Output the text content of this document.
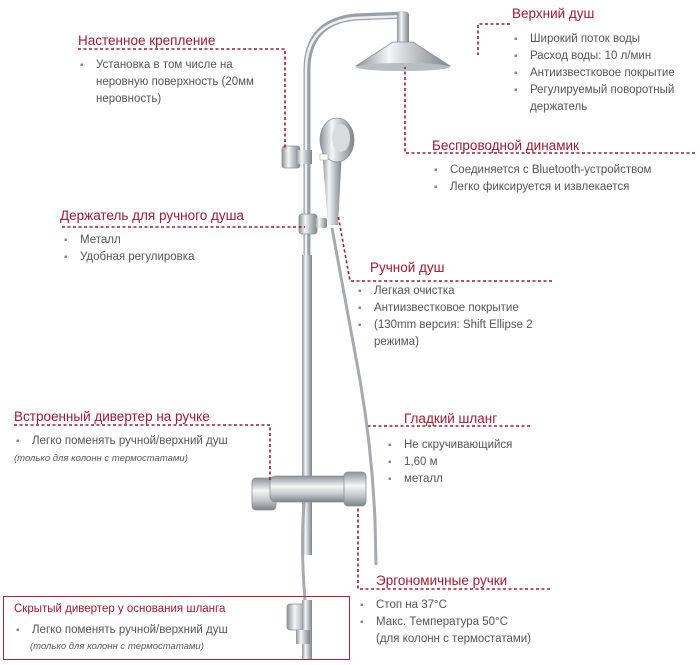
Настенное крепление
▪ Установка в том числе на неровную поверхность (20мм неровность)
Верхний душ
▪ Широкий поток воды
▪ Расход воды: 10 л/мин
▪ Антиизвестковое покрытие
▪ Регулируемый поворотный держатель
Беспроводной динамик
▪ Соединяется с Bluetooth-устройством
▪ Легко фиксируется и извлекается
Держатель для ручного душа
▪ Металл
▪ Удобная регулировка
Ручной душ
▪ Легкая очистка
▪ Антиизвестковое покрытие
▪ (130mm версия: Shift Ellipse 2 режима)
Встроенный дивертер на ручке
▪ Легко поменять ручной/верхний душ
(только для колонн с термостатами)
Гладкий шланг
▪ Не скручивающийся
▪ 1,60 м
▪ металл
Эргономичные ручки
▪ Стоп на 37°C
▪ Макс. Температура 50°C
(для колонн с термостатами)
Скрытый дивертер у основания шланга
▪ Легко поменять ручной/верхний душ
(только для колонн с термостатами)
